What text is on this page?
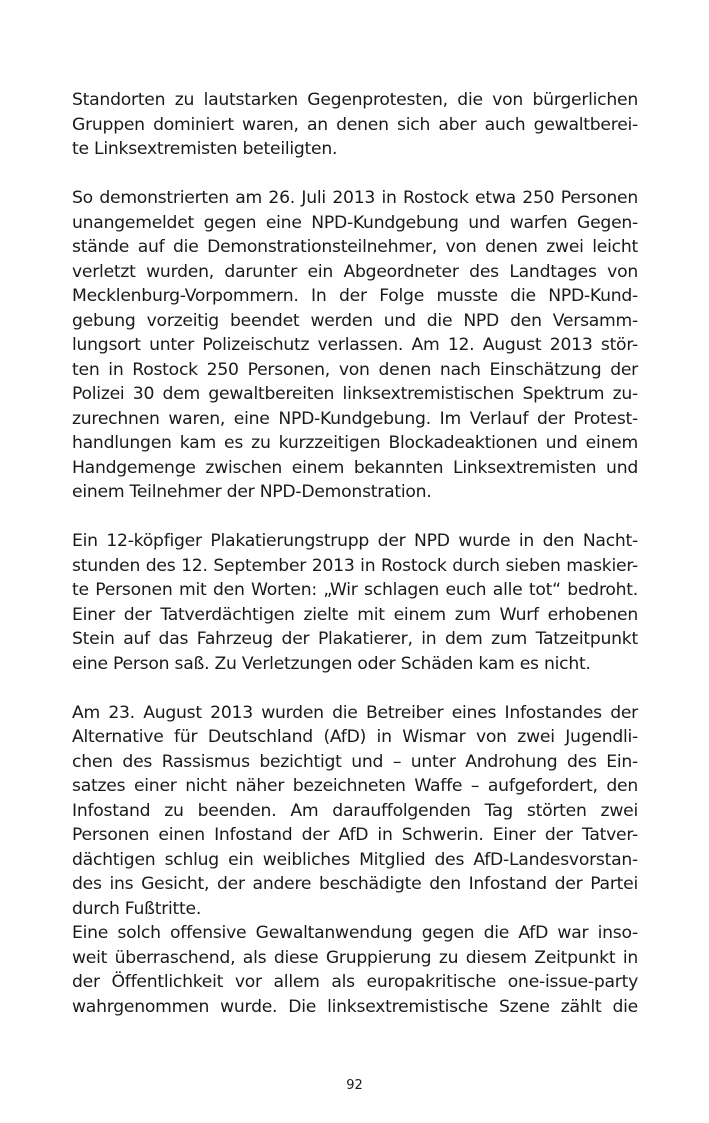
Standorten zu lautstarken Gegenprotesten, die von bürgerlichen
Gruppen dominiert waren, an denen sich aber auch gewaltberei-
te Linksextremisten beteiligten.
So demonstrierten am 26. Juli 2013 in Rostock etwa 250 Personen
unangemeldet gegen eine NPD-Kundgebung und warfen Gegen-
stände auf die Demonstrationsteilnehmer, von denen zwei leicht
verletzt wurden, darunter ein Abgeordneter des Landtages von
Mecklenburg-Vorpommern. In der Folge musste die NPD-Kund-
gebung vorzeitig beendet werden und die NPD den Versamm-
lungsort unter Polizeischutz verlassen. Am 12. August 2013 stör-
ten in Rostock 250 Personen, von denen nach Einschätzung der
Polizei 30 dem gewaltbereiten linksextremistischen Spektrum zu-
zurechnen waren, eine NPD-Kundgebung. Im Verlauf der Protest-
handlungen kam es zu kurzzeitigen Blockadeaktionen und einem
Handgemenge zwischen einem bekannten Linksextremisten und
einem Teilnehmer der NPD-Demonstration.
Ein 12-köpfiger Plakatierungstrupp der NPD wurde in den Nacht-
stunden des 12. September 2013 in Rostock durch sieben maskier-
te Personen mit den Worten: „Wir schlagen euch alle tot“ bedroht.
Einer der Tatverdächtigen zielte mit einem zum Wurf erhobenen
Stein auf das Fahrzeug der Plakatierer, in dem zum Tatzeitpunkt
eine Person saß. Zu Verletzungen oder Schäden kam es nicht.
Am 23. August 2013 wurden die Betreiber eines Infostandes der
Alternative für Deutschland (AfD) in Wismar von zwei Jugendli-
chen des Rassismus bezichtigt und – unter Androhung des Ein-
satzes einer nicht näher bezeichneten Waffe – aufgefordert, den
Infostand zu beenden. Am darauffolgenden Tag störten zwei
Personen einen Infostand der AfD in Schwerin. Einer der Tatver-
dächtigen schlug ein weibliches Mitglied des AfD-Landesvorstan-
des ins Gesicht, der andere beschädigte den Infostand der Partei
durch Fußtritte.
Eine solch offensive Gewaltanwendung gegen die AfD war inso-
weit überraschend, als diese Gruppierung zu diesem Zeitpunkt in
der Öffentlichkeit vor allem als europakritische one-issue-party
wahrgenommen wurde. Die linksextremistische Szene zählt die
92
